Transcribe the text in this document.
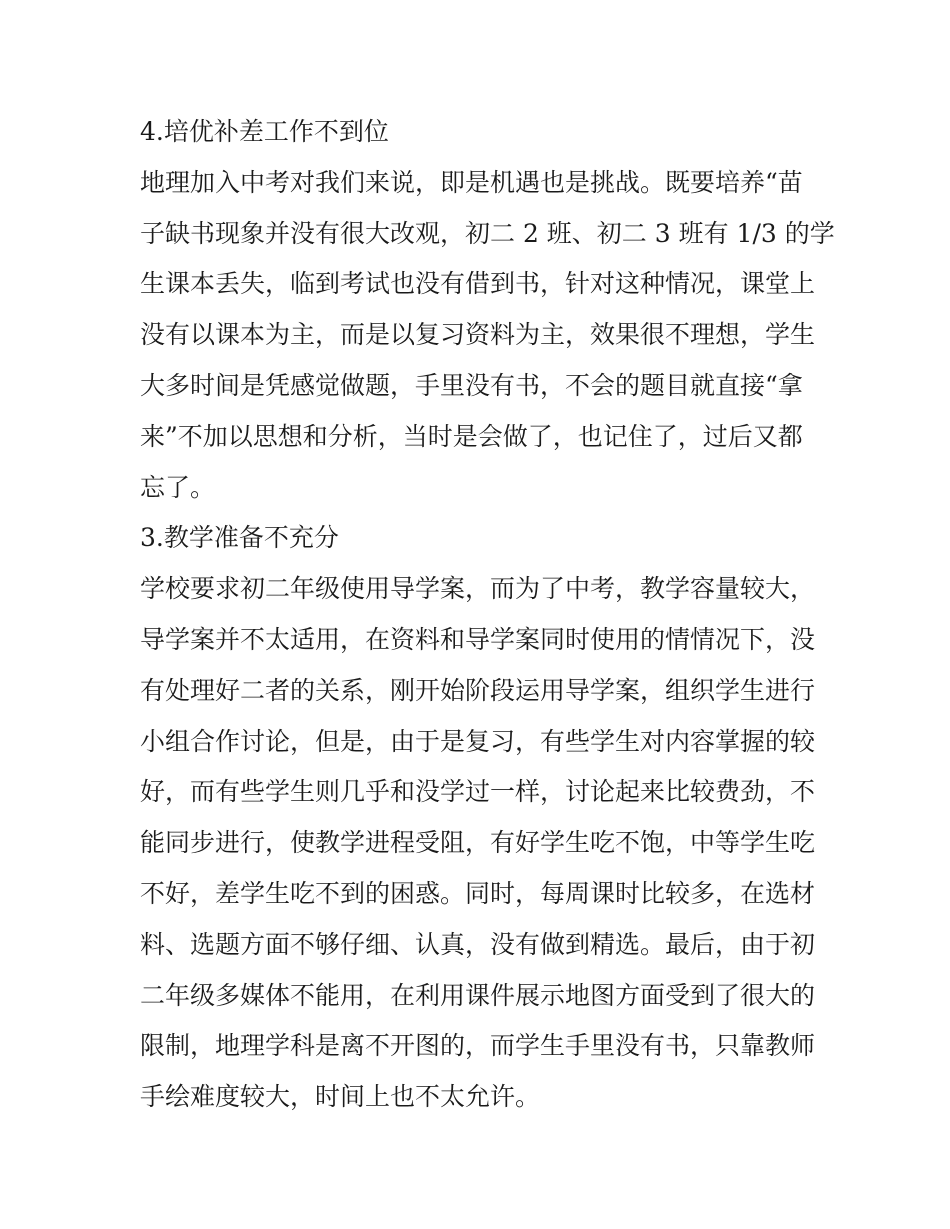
4.培优补差工作不到位
地理加入中考对我们来说，即是机遇也是挑战。既要培养“苗
子缺书现象并没有很大改观，初二 2 班、初二 3 班有 1/3 的学
生课本丢失，临到考试也没有借到书，针对这种情况，课堂上
没有以课本为主，而是以复习资料为主，效果很不理想，学生
大多时间是凭感觉做题，手里没有书，不会的题目就直接“拿
来”不加以思想和分析，当时是会做了，也记住了，过后又都
忘了。
3.教学准备不充分
学校要求初二年级使用导学案，而为了中考，教学容量较大，
导学案并不太适用，在资料和导学案同时使用的情情况下，没
有处理好二者的关系，刚开始阶段运用导学案，组织学生进行
小组合作讨论，但是，由于是复习，有些学生对内容掌握的较
好，而有些学生则几乎和没学过一样，讨论起来比较费劲，不
能同步进行，使教学进程受阻，有好学生吃不饱，中等学生吃
不好，差学生吃不到的困惑。同时，每周课时比较多，在选材
料、选题方面不够仔细、认真，没有做到精选。最后，由于初
二年级多媒体不能用，在利用课件展示地图方面受到了很大的
限制，地理学科是离不开图的，而学生手里没有书，只靠教师
手绘难度较大，时间上也不太允许。
